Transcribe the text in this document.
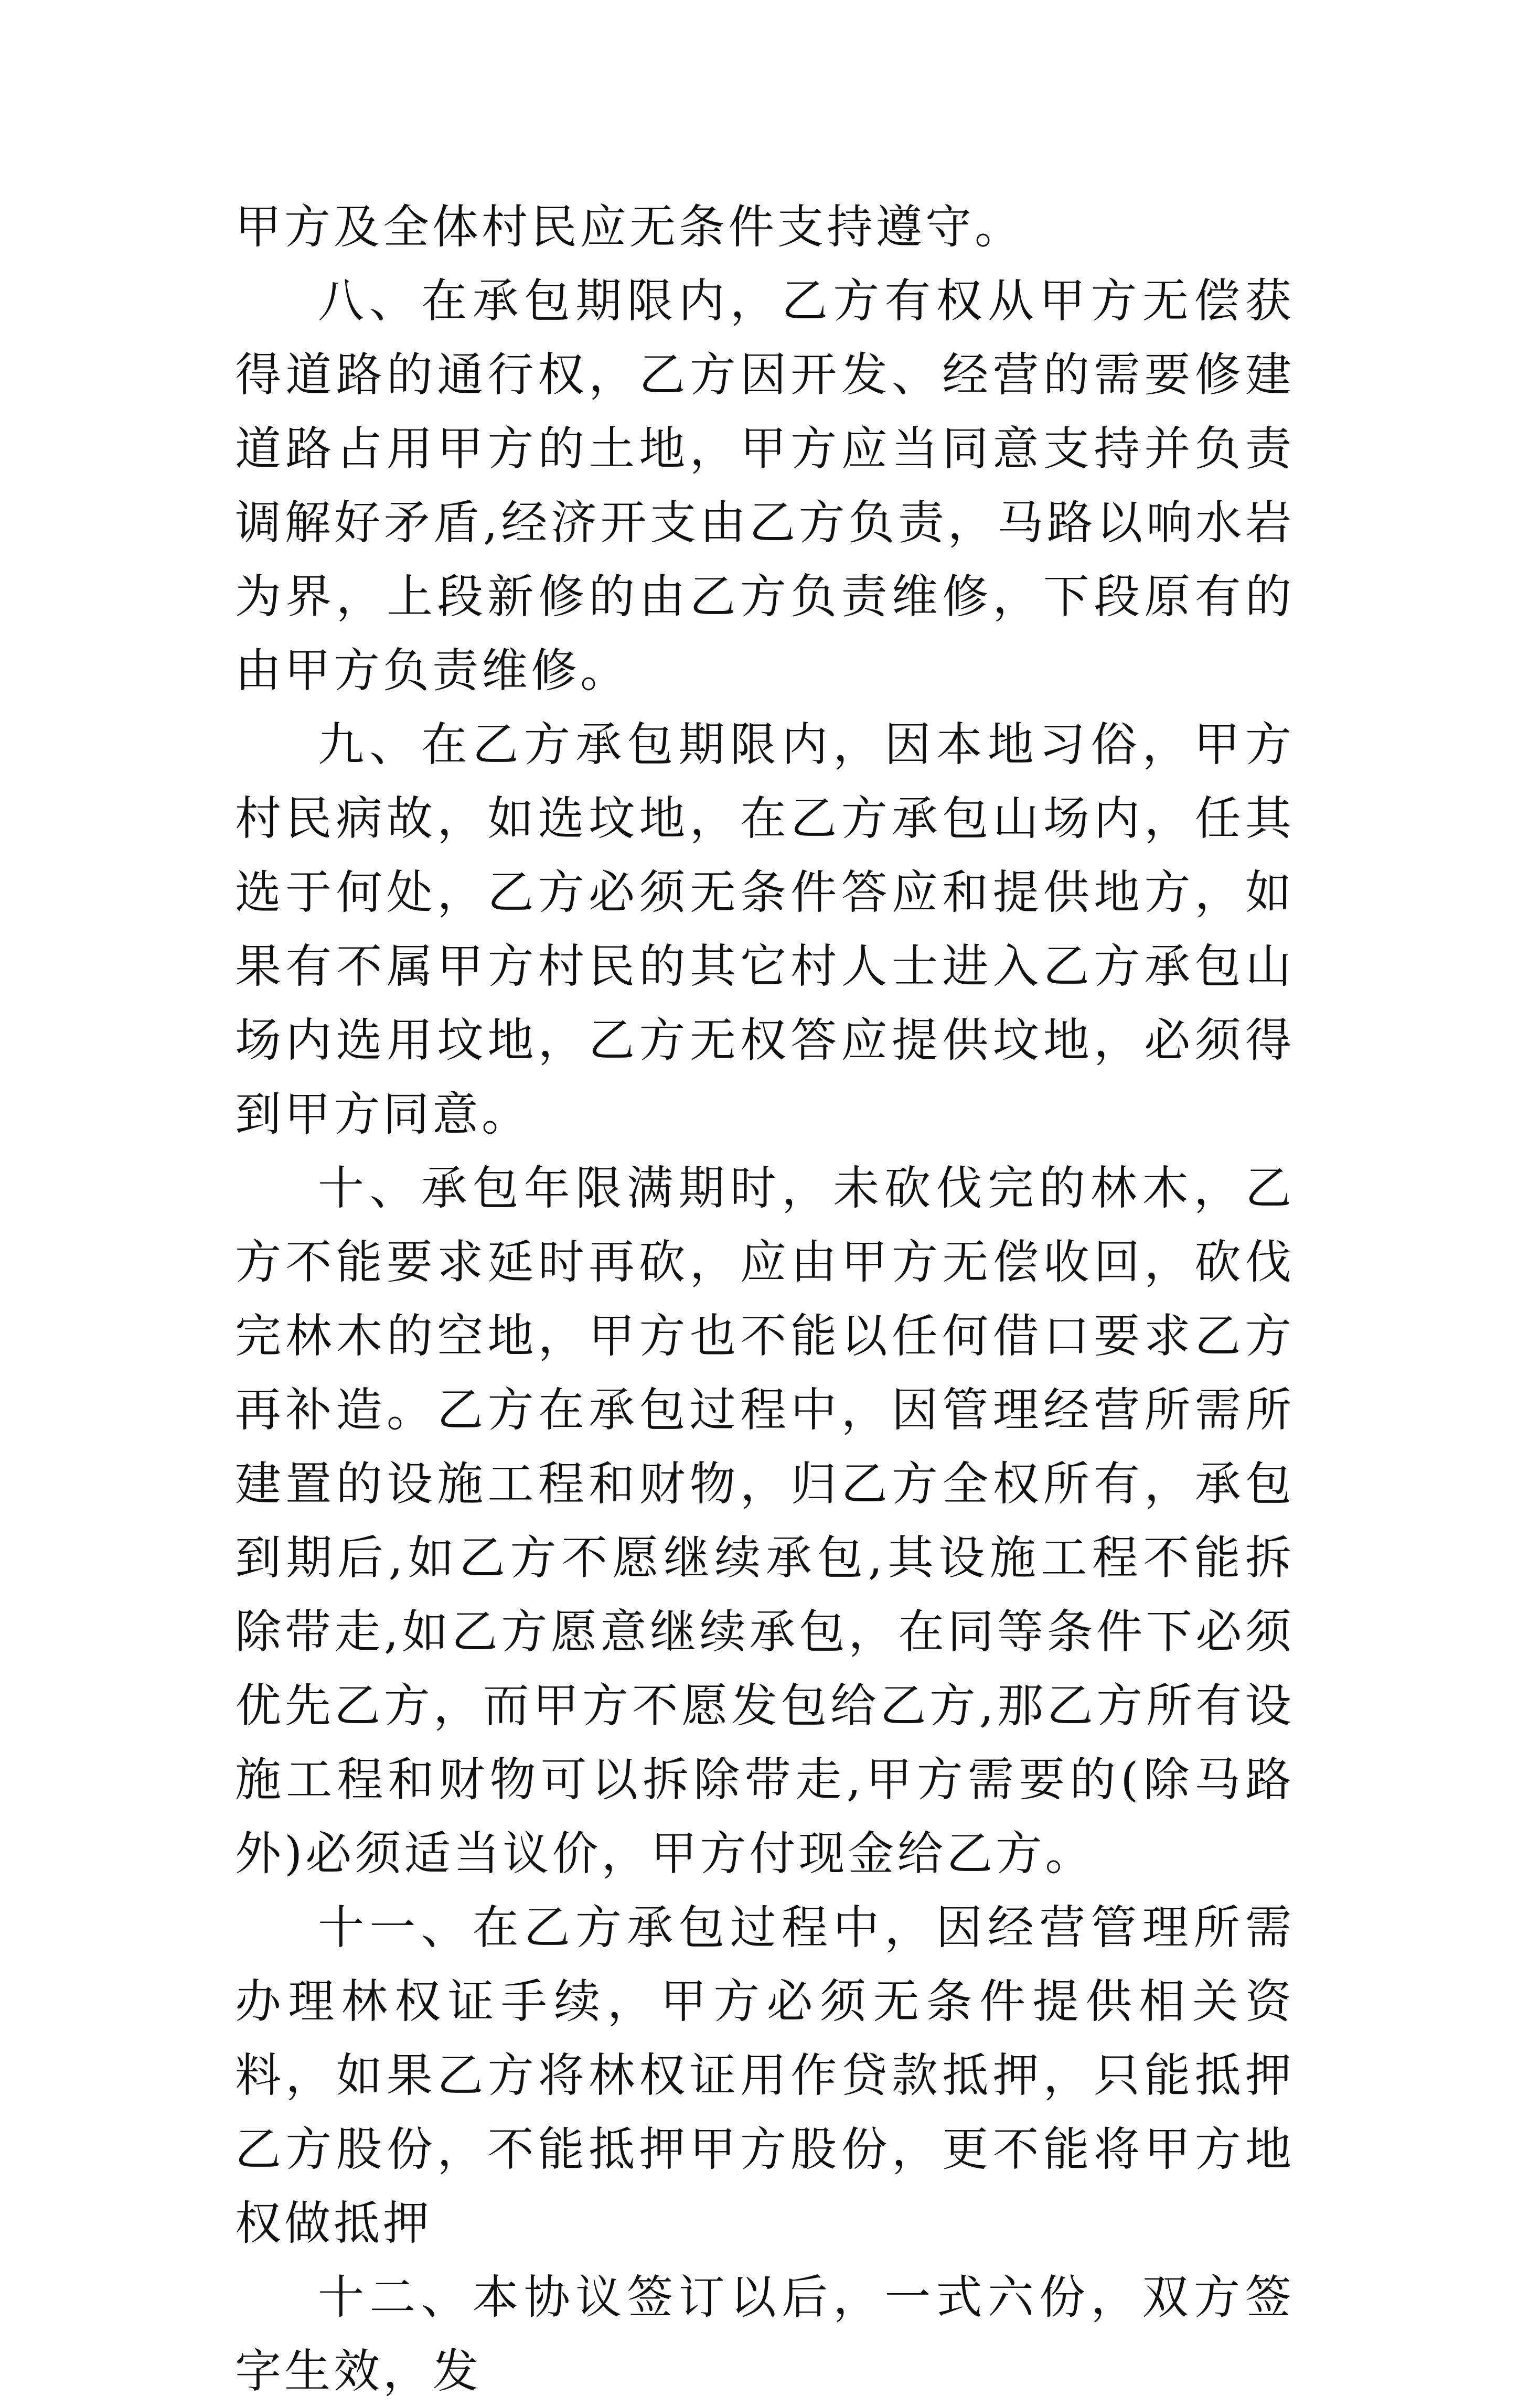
甲方及全体村民应无条件支持遵守。

八、在承包期限内，乙方有权从甲方无偿获得道路的通行权，乙方因开发、经营的需要修建道路占用甲方的土地，甲方应当同意支持并负责调解好矛盾,经济开支由乙方负责，马路以响水岩为界，上段新修的由乙方负责维修，下段原有的由甲方负责维修。

九、在乙方承包期限内，因本地习俗，甲方村民病故，如选坟地，在乙方承包山场内，任其选于何处，乙方必须无条件答应和提供地方，如果有不属甲方村民的其它村人士进入乙方承包山场内选用坟地，乙方无权答应提供坟地，必须得到甲方同意。

十、承包年限满期时，未砍伐完的林木，乙方不能要求延时再砍，应由甲方无偿收回，砍伐完林木的空地，甲方也不能以任何借口要求乙方再补造。乙方在承包过程中，因管理经营所需所建置的设施工程和财物，归乙方全权所有，承包到期后,如乙方不愿继续承包,其设施工程不能拆除带走,如乙方愿意继续承包，在同等条件下必须优先乙方，而甲方不愿发包给乙方,那乙方所有设施工程和财物可以拆除带走,甲方需要的(除马路外)必须适当议价，甲方付现金给乙方。

十一、在乙方承包过程中，因经营管理所需办理林权证手续，甲方必须无条件提供相关资料，如果乙方将林权证用作贷款抵押，只能抵押乙方股份，不能抵押甲方股份，更不能将甲方地权做抵押

十二、本协议签订以后，一式六份，双方签字生效，发
